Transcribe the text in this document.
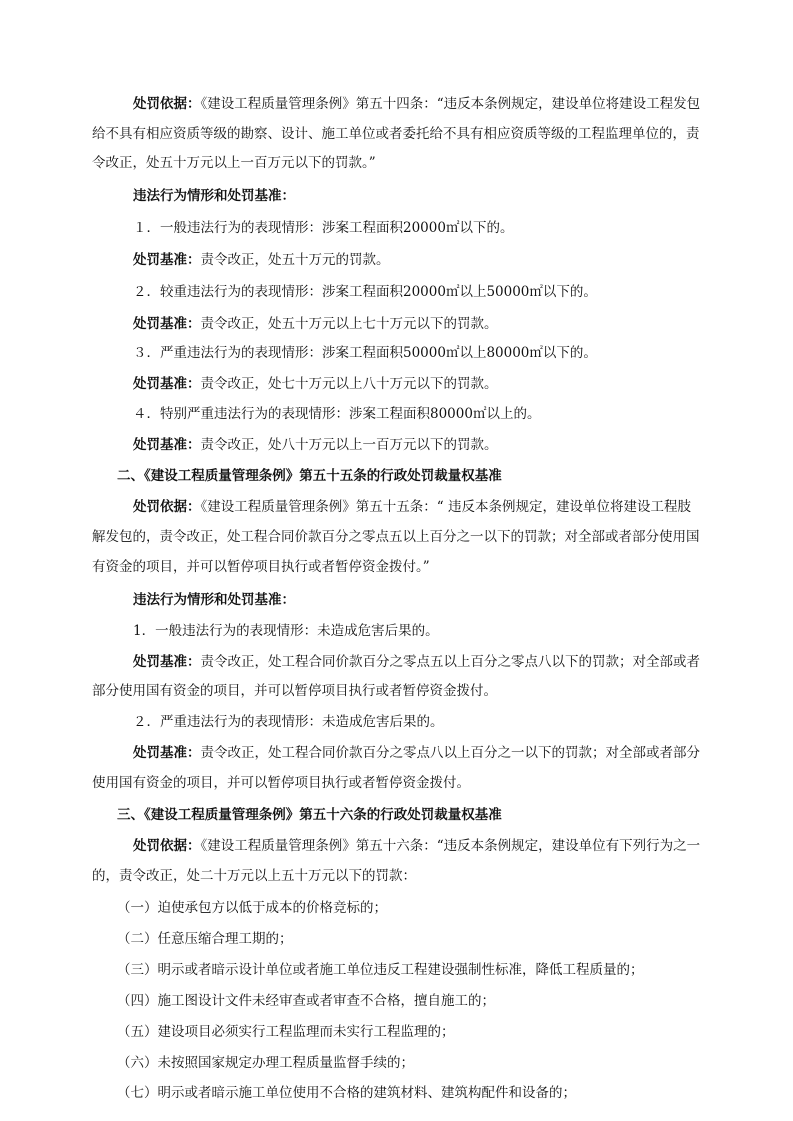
处罚依据：《建设工程质量管理条例》第五十四条：“违反本条例规定，建设单位将建设工程发包
给不具有相应资质等级的勘察、设计、施工单位或者委托给不具有相应资质等级的工程监理单位的，责
令改正，处五十万元以上一百万元以下的罚款。”
违法行为情形和处罚基准：
１．一般违法行为的表现情形：涉案工程面积20000㎡以下的。
处罚基准：责令改正，处五十万元的罚款。
２．较重违法行为的表现情形：涉案工程面积20000㎡以上50000㎡以下的。
处罚基准：责令改正，处五十万元以上七十万元以下的罚款。
３．严重违法行为的表现情形：涉案工程面积50000㎡以上80000㎡以下的。
处罚基准：责令改正，处七十万元以上八十万元以下的罚款。
４．特别严重违法行为的表现情形：涉案工程面积80000㎡以上的。
处罚基准：责令改正，处八十万元以上一百万元以下的罚款。
二、《建设工程质量管理条例》第五十五条的行政处罚裁量权基准
处罚依据：《建设工程质量管理条例》第五十五条：“ 违反本条例规定，建设单位将建设工程肢
解发包的，责令改正，处工程合同价款百分之零点五以上百分之一以下的罚款；对全部或者部分使用国
有资金的项目，并可以暂停项目执行或者暂停资金拨付。”
违法行为情形和处罚基准：
1．一般违法行为的表现情形：未造成危害后果的。
处罚基准：责令改正，处工程合同价款百分之零点五以上百分之零点八以下的罚款；对全部或者
部分使用国有资金的项目，并可以暂停项目执行或者暂停资金拨付。
２．严重违法行为的表现情形：未造成危害后果的。
处罚基准：责令改正，处工程合同价款百分之零点八以上百分之一以下的罚款；对全部或者部分
使用国有资金的项目，并可以暂停项目执行或者暂停资金拨付。
三、《建设工程质量管理条例》第五十六条的行政处罚裁量权基准
处罚依据：《建设工程质量管理条例》第五十六条：“违反本条例规定，建设单位有下列行为之一
的，责令改正，处二十万元以上五十万元以下的罚款：
（一）迫使承包方以低于成本的价格竞标的；
（二）任意压缩合理工期的；
（三）明示或者暗示设计单位或者施工单位违反工程建设强制性标准，降低工程质量的；
（四）施工图设计文件未经审查或者审查不合格，擅自施工的；
（五）建设项目必须实行工程监理而未实行工程监理的；
（六）未按照国家规定办理工程质量监督手续的；
（七）明示或者暗示施工单位使用不合格的建筑材料、建筑构配件和设备的；
